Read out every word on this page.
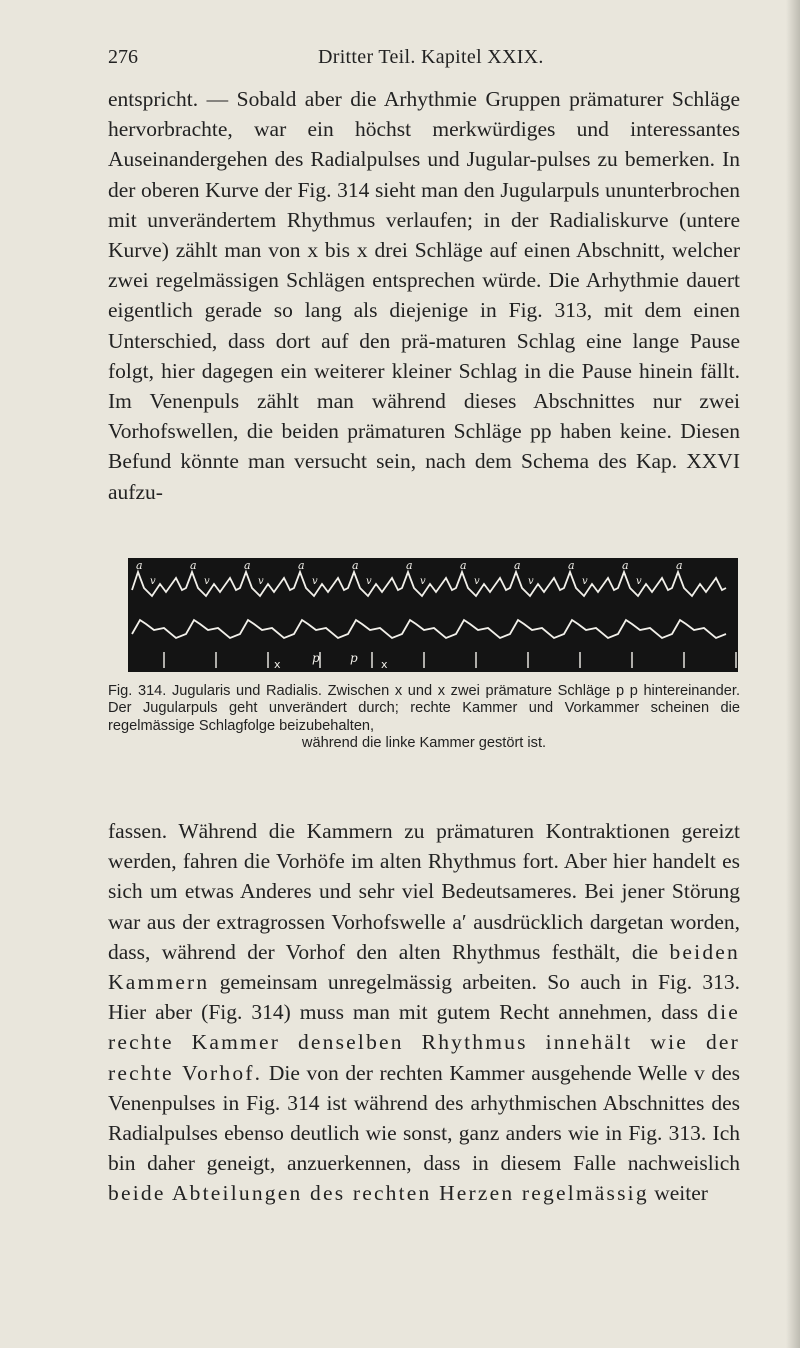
276	Dritter Teil. Kapitel XXIX.

entspricht. — Sobald aber die Arhythmie Gruppen prämaturer Schläge hervorbrachte, war ein höchst merkwürdiges und interessantes Auseinandergehen des Radialpulses und Jugular-pulses zu bemerken. In der oberen Kurve der Fig. 314 sieht man den Jugularpuls ununterbrochen mit unverändertem Rhythmus verlaufen; in der Radialiskurve (untere Kurve) zählt man von x bis x drei Schläge auf einen Abschnitt, welcher zwei regelmässigen Schlägen entsprechen würde. Die Arhythmie dauert eigentlich gerade so lang als diejenige in Fig. 313, mit dem einen Unterschied, dass dort auf den prä-maturen Schlag eine lange Pause folgt, hier dagegen ein weiterer kleiner Schlag in die Pause hinein fällt. Im Venenpuls zählt man während dieses Abschnittes nur zwei Vorhofswellen, die beiden prämaturen Schläge pp haben keine. Diesen Befund könnte man versucht sein, nach dem Schema des Kap. XXVI aufzu-

a	a	a	a	a	a	a	a	a	a	a
v	v	v	v	v	v	v	v	v	v
x	x
p	p
Fig. 314. Jugularis und Radialis. Zwischen x und x zwei prämature Schläge p p hintereinander. Der Jugularpuls geht unverändert durch; rechte Kammer und Vorkammer scheinen die regelmässige Schlagfolge beizubehalten,
während die linke Kammer gestört ist.

fassen. Während die Kammern zu prämaturen Kontraktionen gereizt werden, fahren die Vorhöfe im alten Rhythmus fort. Aber hier handelt es sich um etwas Anderes und sehr viel Bedeutsameres. Bei jener Störung war aus der extragrossen Vorhofswelle a′ ausdrücklich dargetan worden, dass, während der Vorhof den alten Rhythmus festhält, die beiden Kammern gemeinsam unregelmässig arbeiten. So auch in Fig. 313. Hier aber (Fig. 314) muss man mit gutem Recht annehmen, dass die rechte Kammer denselben Rhythmus innehält wie der rechte Vorhof. Die von der rechten Kammer ausgehende Welle v des Venenpulses in Fig. 314 ist während des arhythmischen Abschnittes des Radialpulses ebenso deutlich wie sonst, ganz anders wie in Fig. 313. Ich bin daher geneigt, anzuerkennen, dass in diesem Falle nachweislich beide Abteilungen des rechten Herzen regelmässig weiter
